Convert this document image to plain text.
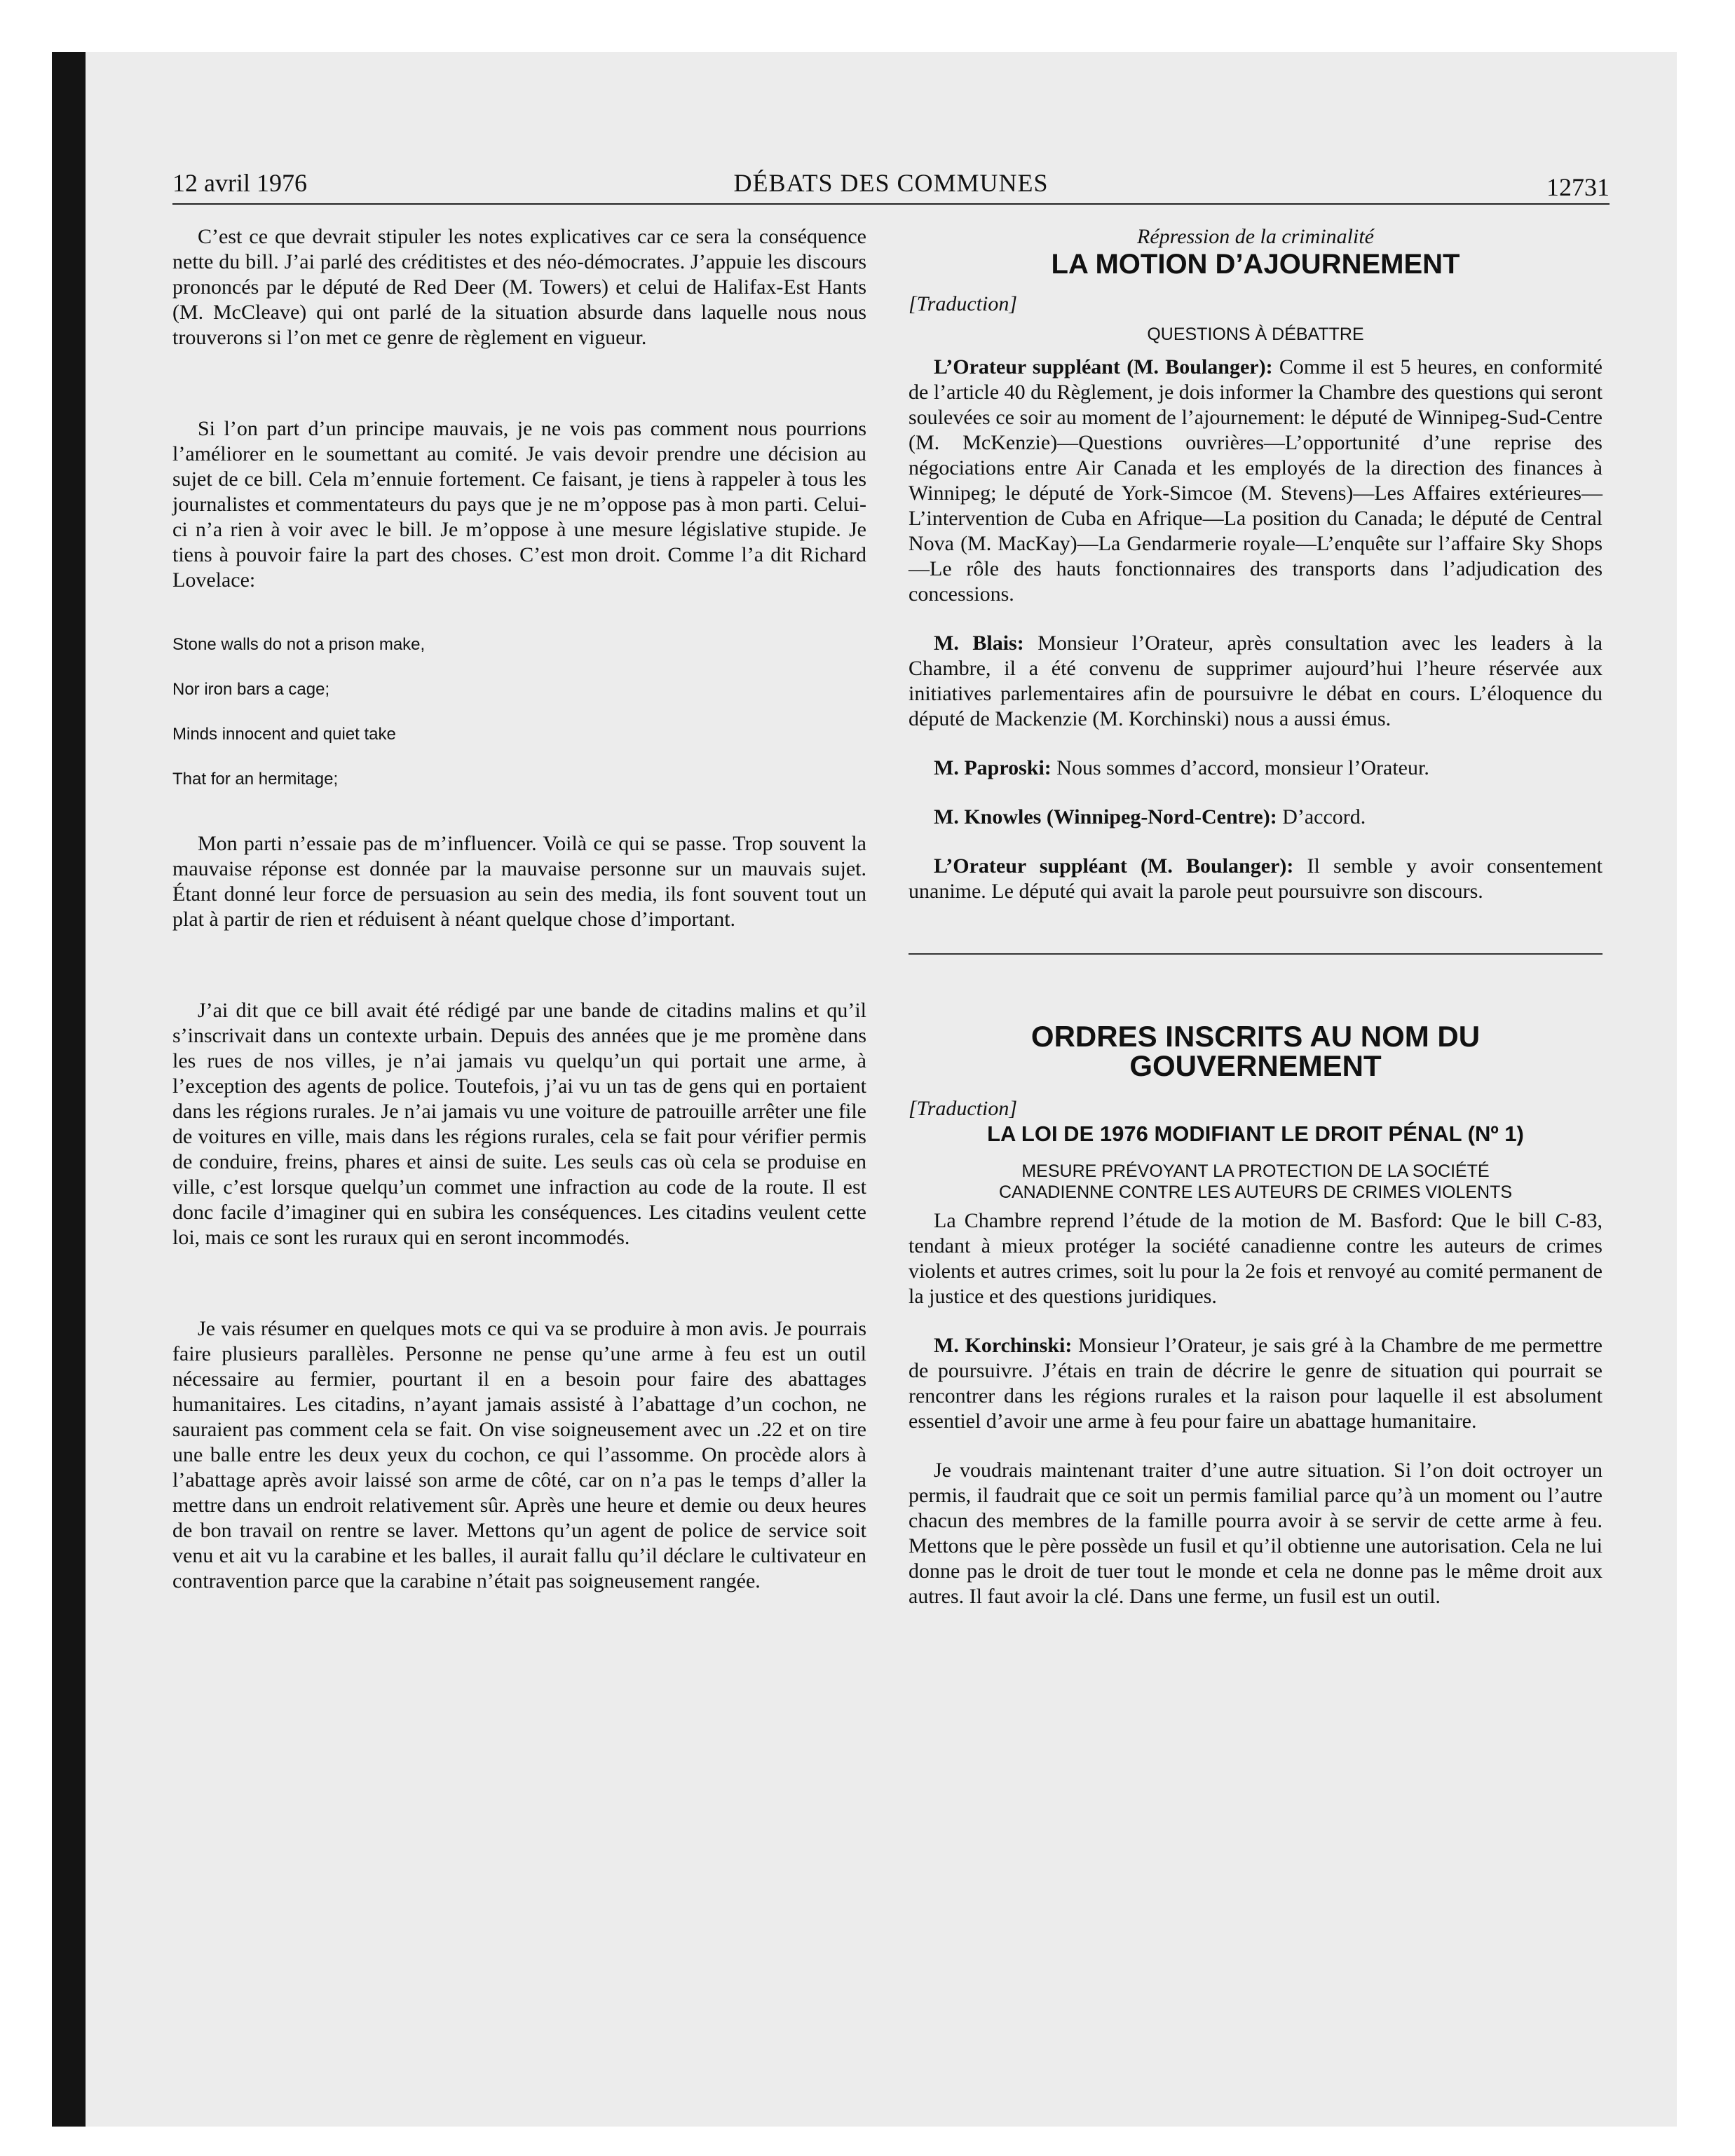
12 avril 1976	DÉBATS DES COMMUNES	12731

C’est ce que devrait stipuler les notes explicatives car ce sera la conséquence nette du bill. J’ai parlé des créditistes et des néo-démocrates. J’appuie les discours prononcés par le député de Red Deer (M. Towers) et celui de Halifax-Est Hants (M. McCleave) qui ont parlé de la situation absurde dans laquelle nous nous trouverons si l’on met ce genre de règlement en vigueur.

Si l’on part d’un principe mauvais, je ne vois pas comment nous pourrions l’améliorer en le soumettant au comité. Je vais devoir prendre une décision au sujet de ce bill. Cela m’ennuie fortement. Ce faisant, je tiens à rappeler à tous les journalistes et commentateurs du pays que je ne m’oppose pas à mon parti. Celui-ci n’a rien à voir avec le bill. Je m’oppose à une mesure législative stupide. Je tiens à pouvoir faire la part des choses. C’est mon droit. Comme l’a dit Richard Lovelace:

Stone walls do not a prison make,

Nor iron bars a cage;

Minds innocent and quiet take

That for an hermitage;

Mon parti n’essaie pas de m’influencer. Voilà ce qui se passe. Trop souvent la mauvaise réponse est donnée par la mauvaise personne sur un mauvais sujet. Étant donné leur force de persuasion au sein des media, ils font souvent tout un plat à partir de rien et réduisent à néant quelque chose d’important.

J’ai dit que ce bill avait été rédigé par une bande de citadins malins et qu’il s’inscrivait dans un contexte urbain. Depuis des années que je me promène dans les rues de nos villes, je n’ai jamais vu quelqu’un qui portait une arme, à l’exception des agents de police. Toutefois, j’ai vu un tas de gens qui en portaient dans les régions rurales. Je n’ai jamais vu une voiture de patrouille arrêter une file de voitures en ville, mais dans les régions rurales, cela se fait pour vérifier permis de conduire, freins, phares et ainsi de suite. Les seuls cas où cela se produise en ville, c’est lorsque quelqu’un commet une infraction au code de la route. Il est donc facile d’imaginer qui en subira les conséquences. Les citadins veulent cette loi, mais ce sont les ruraux qui en seront incommodés.

Je vais résumer en quelques mots ce qui va se produire à mon avis. Je pourrais faire plusieurs parallèles. Personne ne pense qu’une arme à feu est un outil nécessaire au fermier, pourtant il en a besoin pour faire des abattages humanitaires. Les citadins, n’ayant jamais assisté à l’abattage d’un cochon, ne sauraient pas comment cela se fait. On vise soigneusement avec un .22 et on tire une balle entre les deux yeux du cochon, ce qui l’assomme. On procède alors à l’abattage après avoir laissé son arme de côté, car on n’a pas le temps d’aller la mettre dans un endroit relativement sûr. Après une heure et demie ou deux heures de bon travail on rentre se laver. Mettons qu’un agent de police de service soit venu et ait vu la carabine et les balles, il aurait fallu qu’il déclare le cultivateur en contravention parce que la carabine n’était pas soigneusement rangée.

Répression de la criminalité
LA MOTION D’AJOURNEMENT

[Traduction]

QUESTIONS À DÉBATTRE

L’Orateur suppléant (M. Boulanger): Comme il est 5 heures, en conformité de l’article 40 du Règlement, je dois informer la Chambre des questions qui seront soulevées ce soir au moment de l’ajournement: le député de Winnipeg-Sud-Centre (M. McKenzie)—Questions ouvrières—L’opportunité d’une reprise des négociations entre Air Canada et les employés de la direction des finances à Winnipeg; le député de York-Simcoe (M. Stevens)—Les Affaires extérieures—L’intervention de Cuba en Afrique—La position du Canada; le député de Central Nova (M. MacKay)—La Gendarmerie royale—L’enquête sur l’affaire Sky Shops—Le rôle des hauts fonctionnaires des transports dans l’adjudication des concessions.

M. Blais: Monsieur l’Orateur, après consultation avec les leaders à la Chambre, il a été convenu de supprimer aujourd’hui l’heure réservée aux initiatives parlementaires afin de poursuivre le débat en cours. L’éloquence du député de Mackenzie (M. Korchinski) nous a aussi émus.

M. Paproski: Nous sommes d’accord, monsieur l’Orateur.

M. Knowles (Winnipeg-Nord-Centre): D’accord.

L’Orateur suppléant (M. Boulanger): Il semble y avoir consentement unanime. Le député qui avait la parole peut poursuivre son discours.

ORDRES INSCRITS AU NOM DU
GOUVERNEMENT

[Traduction]

LA LOI DE 1976 MODIFIANT LE DROIT PÉNAL (Nº 1)
MESURE PRÉVOYANT LA PROTECTION DE LA SOCIÉTÉ
CANADIENNE CONTRE LES AUTEURS DE CRIMES VIOLENTS

La Chambre reprend l’étude de la motion de M. Basford: Que le bill C-83, tendant à mieux protéger la société canadienne contre les auteurs de crimes violents et autres crimes, soit lu pour la 2e fois et renvoyé au comité permanent de la justice et des questions juridiques.

M. Korchinski: Monsieur l’Orateur, je sais gré à la Chambre de me permettre de poursuivre. J’étais en train de décrire le genre de situation qui pourrait se rencontrer dans les régions rurales et la raison pour laquelle il est absolument essentiel d’avoir une arme à feu pour faire un abattage humanitaire.

Je voudrais maintenant traiter d’une autre situation. Si l’on doit octroyer un permis, il faudrait que ce soit un permis familial parce qu’à un moment ou l’autre chacun des membres de la famille pourra avoir à se servir de cette arme à feu. Mettons que le père possède un fusil et qu’il obtienne une autorisation. Cela ne lui donne pas le droit de tuer tout le monde et cela ne donne pas le même droit aux autres. Il faut avoir la clé. Dans une ferme, un fusil est un outil.
